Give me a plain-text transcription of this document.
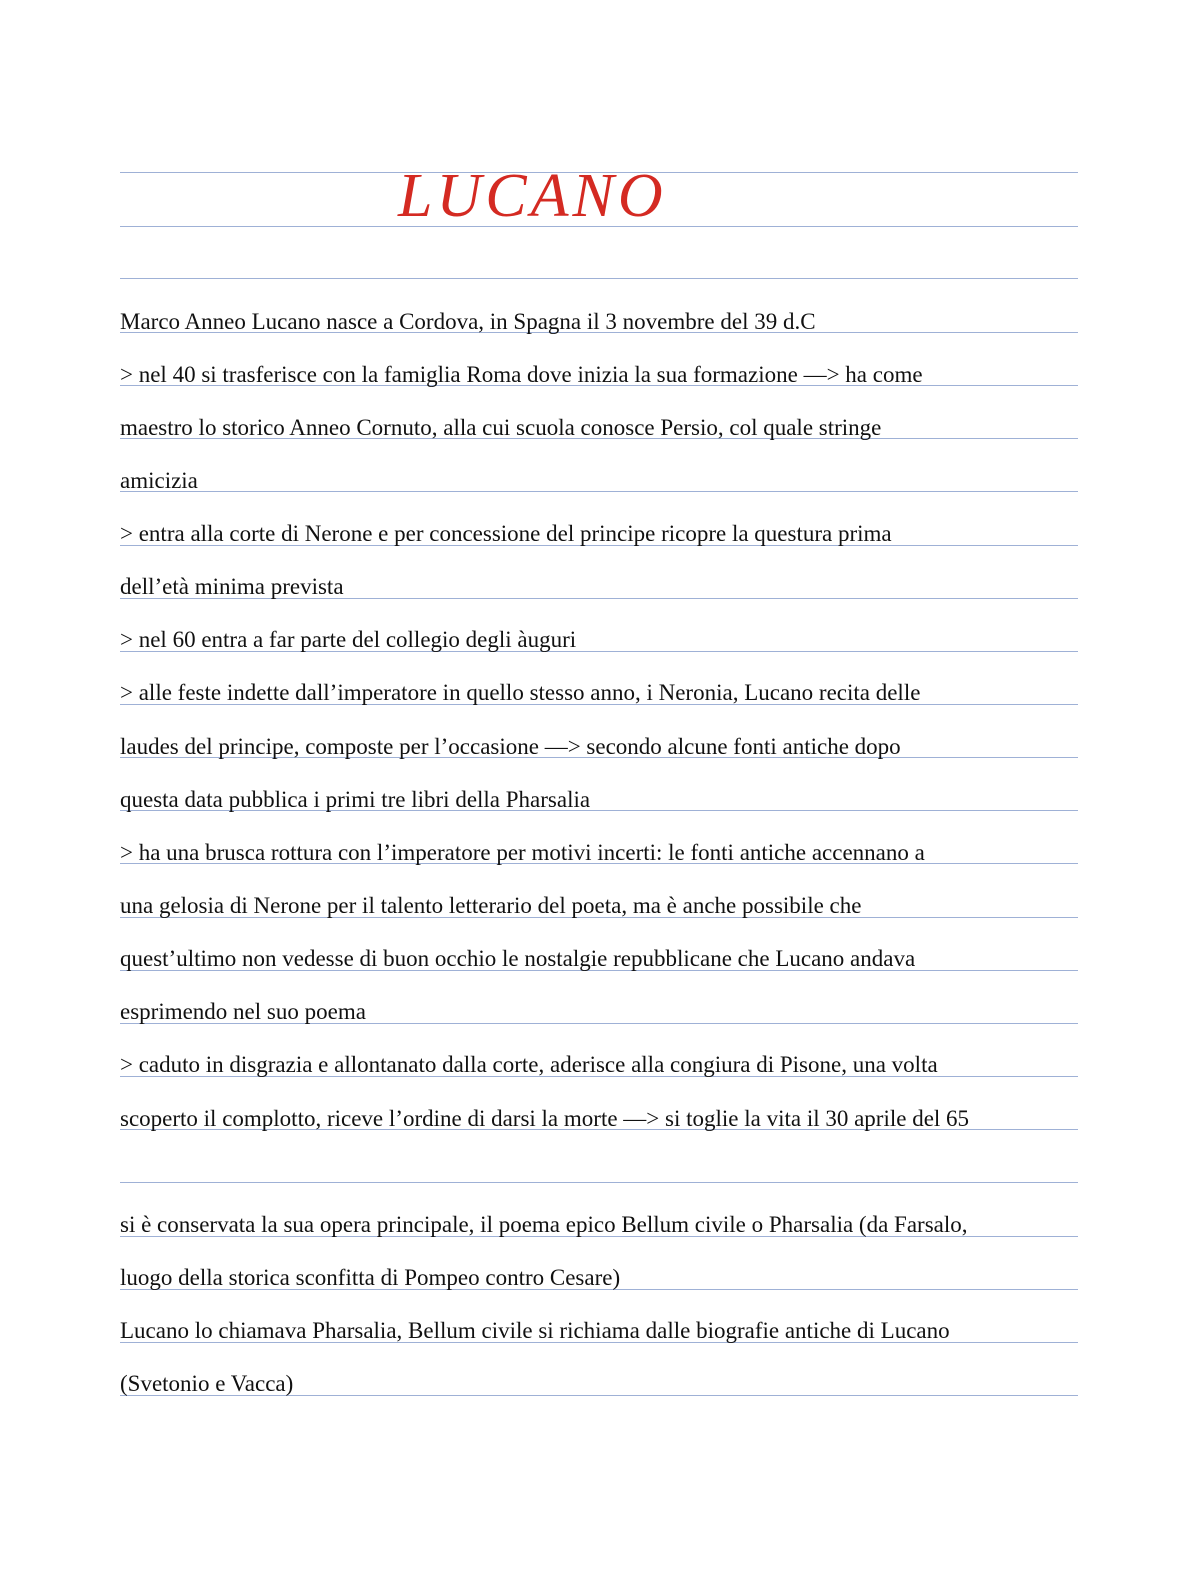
LUCANO
Marco Anneo Lucano nasce a Cordova, in Spagna il 3 novembre del 39 d.C
> nel 40 si trasferisce con la famiglia Roma dove inizia la sua formazione —> ha come
maestro lo storico Anneo Cornuto, alla cui scuola conosce Persio, col quale stringe
amicizia
> entra alla corte di Nerone e per concessione del principe ricopre la questura prima
dell’età minima prevista
> nel 60 entra a far parte del collegio degli àuguri
> alle feste indette dall’imperatore in quello stesso anno, i Neronia, Lucano recita delle
laudes del principe, composte per l’occasione —> secondo alcune fonti antiche dopo
questa data pubblica i primi tre libri della Pharsalia
> ha una brusca rottura con l’imperatore per motivi incerti: le fonti antiche accennano a
una gelosia di Nerone per il talento letterario del poeta, ma è anche possibile che
quest’ultimo non vedesse di buon occhio le nostalgie repubblicane che Lucano andava
esprimendo nel suo poema
> caduto in disgrazia e allontanato dalla corte, aderisce alla congiura di Pisone, una volta
scoperto il complotto, riceve l’ordine di darsi la morte —> si toglie la vita il 30 aprile del 65
si è conservata la sua opera principale, il poema epico Bellum civile o Pharsalia (da Farsalo,
luogo della storica sconfitta di Pompeo contro Cesare)
Lucano lo chiamava Pharsalia, Bellum civile si richiama dalle biografie antiche di Lucano
(Svetonio e Vacca)
